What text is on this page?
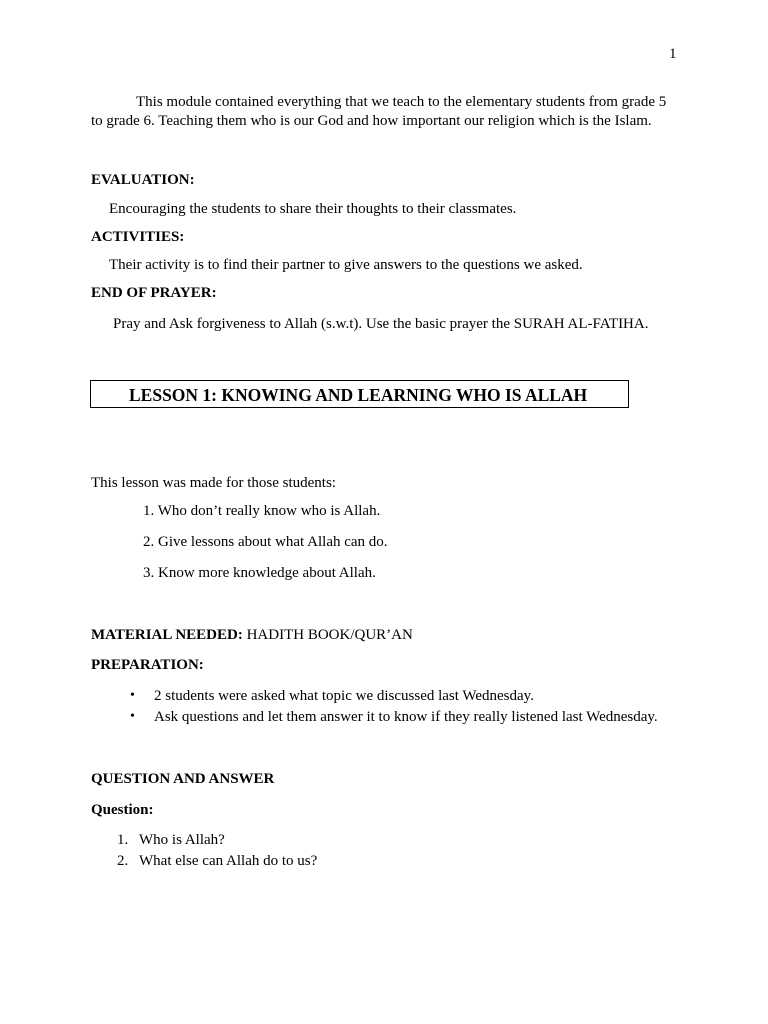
1
This module contained everything that we teach to the elementary students from grade 5
to grade 6. Teaching them who is our God and how important our religion which is the Islam.
EVALUATION:
Encouraging the students to share their thoughts to their classmates.
ACTIVITIES:
Their activity is to find their partner to give answers to the questions we asked.
END OF PRAYER:
Pray and Ask forgiveness to Allah (s.w.t). Use the basic prayer the SURAH AL-FATIHA.
LESSON 1: KNOWING AND LEARNING WHO IS ALLAH
This lesson was made for those students:
1. Who don’t really know who is Allah.
2. Give lessons about what Allah can do.
3. Know more knowledge about Allah.
MATERIAL NEEDED: HADITH BOOK/QUR’AN
PREPARATION:
• 2 students were asked what topic we discussed last Wednesday.
• Ask questions and let them answer it to know if they really listened last Wednesday.
QUESTION AND ANSWER
Question:
1. Who is Allah?
2. What else can Allah do to us?
